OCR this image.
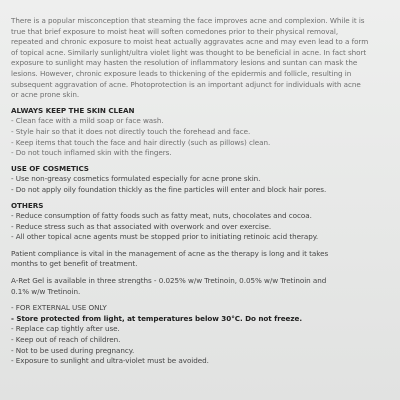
There is a popular misconception that steaming the face improves acne and complexion. While it is
true that brief exposure to moist heat will soften comedones prior to their physical removal,
repeated and chronic exposure to moist heat actually aggravates acne and may even lead to a form
of topical acne. Similarly sunlight/ultra violet light was thought to be beneficial in acne. In fact short
exposure to sunlight may hasten the resolution of inflammatory lesions and suntan can mask the
lesions. However, chronic exposure leads to thickening of the epidermis and follicle, resulting in
subsequent aggravation of acne. Photoprotection is an important adjunct for individuals with acne
or acne prone skin.
ALWAYS KEEP THE SKIN CLEAN
- Clean face with a mild soap or face wash.
- Style hair so that it does not directly touch the forehead and face.
- Keep items that touch the face and hair directly (such as pillows) clean.
- Do not touch inflamed skin with the fingers.
USE OF COSMETICS
- Use non-greasy cosmetics formulated especially for acne prone skin.
- Do not apply oily foundation thickly as the fine particles will enter and block hair pores.
OTHERS
- Reduce consumption of fatty foods such as fatty meat, nuts, chocolates and cocoa.
- Reduce stress such as that associated with overwork and over exercise.
- All other topical acne agents must be stopped prior to initiating retinoic acid therapy.
Patient compliance is vital in the management of acne as the therapy is long and it takes
months to get benefit of treatment.
A-Ret Gel is available in three strengths - 0.025% w/w Tretinoin, 0.05% w/w Tretinoin and
0.1% w/w Tretinoin.
- FOR EXTERNAL USE ONLY
- Store protected from light, at temperatures below 30°C. Do not freeze.
- Replace cap tightly after use.
- Keep out of reach of children.
- Not to be used during pregnancy.
- Exposure to sunlight and ultra-violet must be avoided.
